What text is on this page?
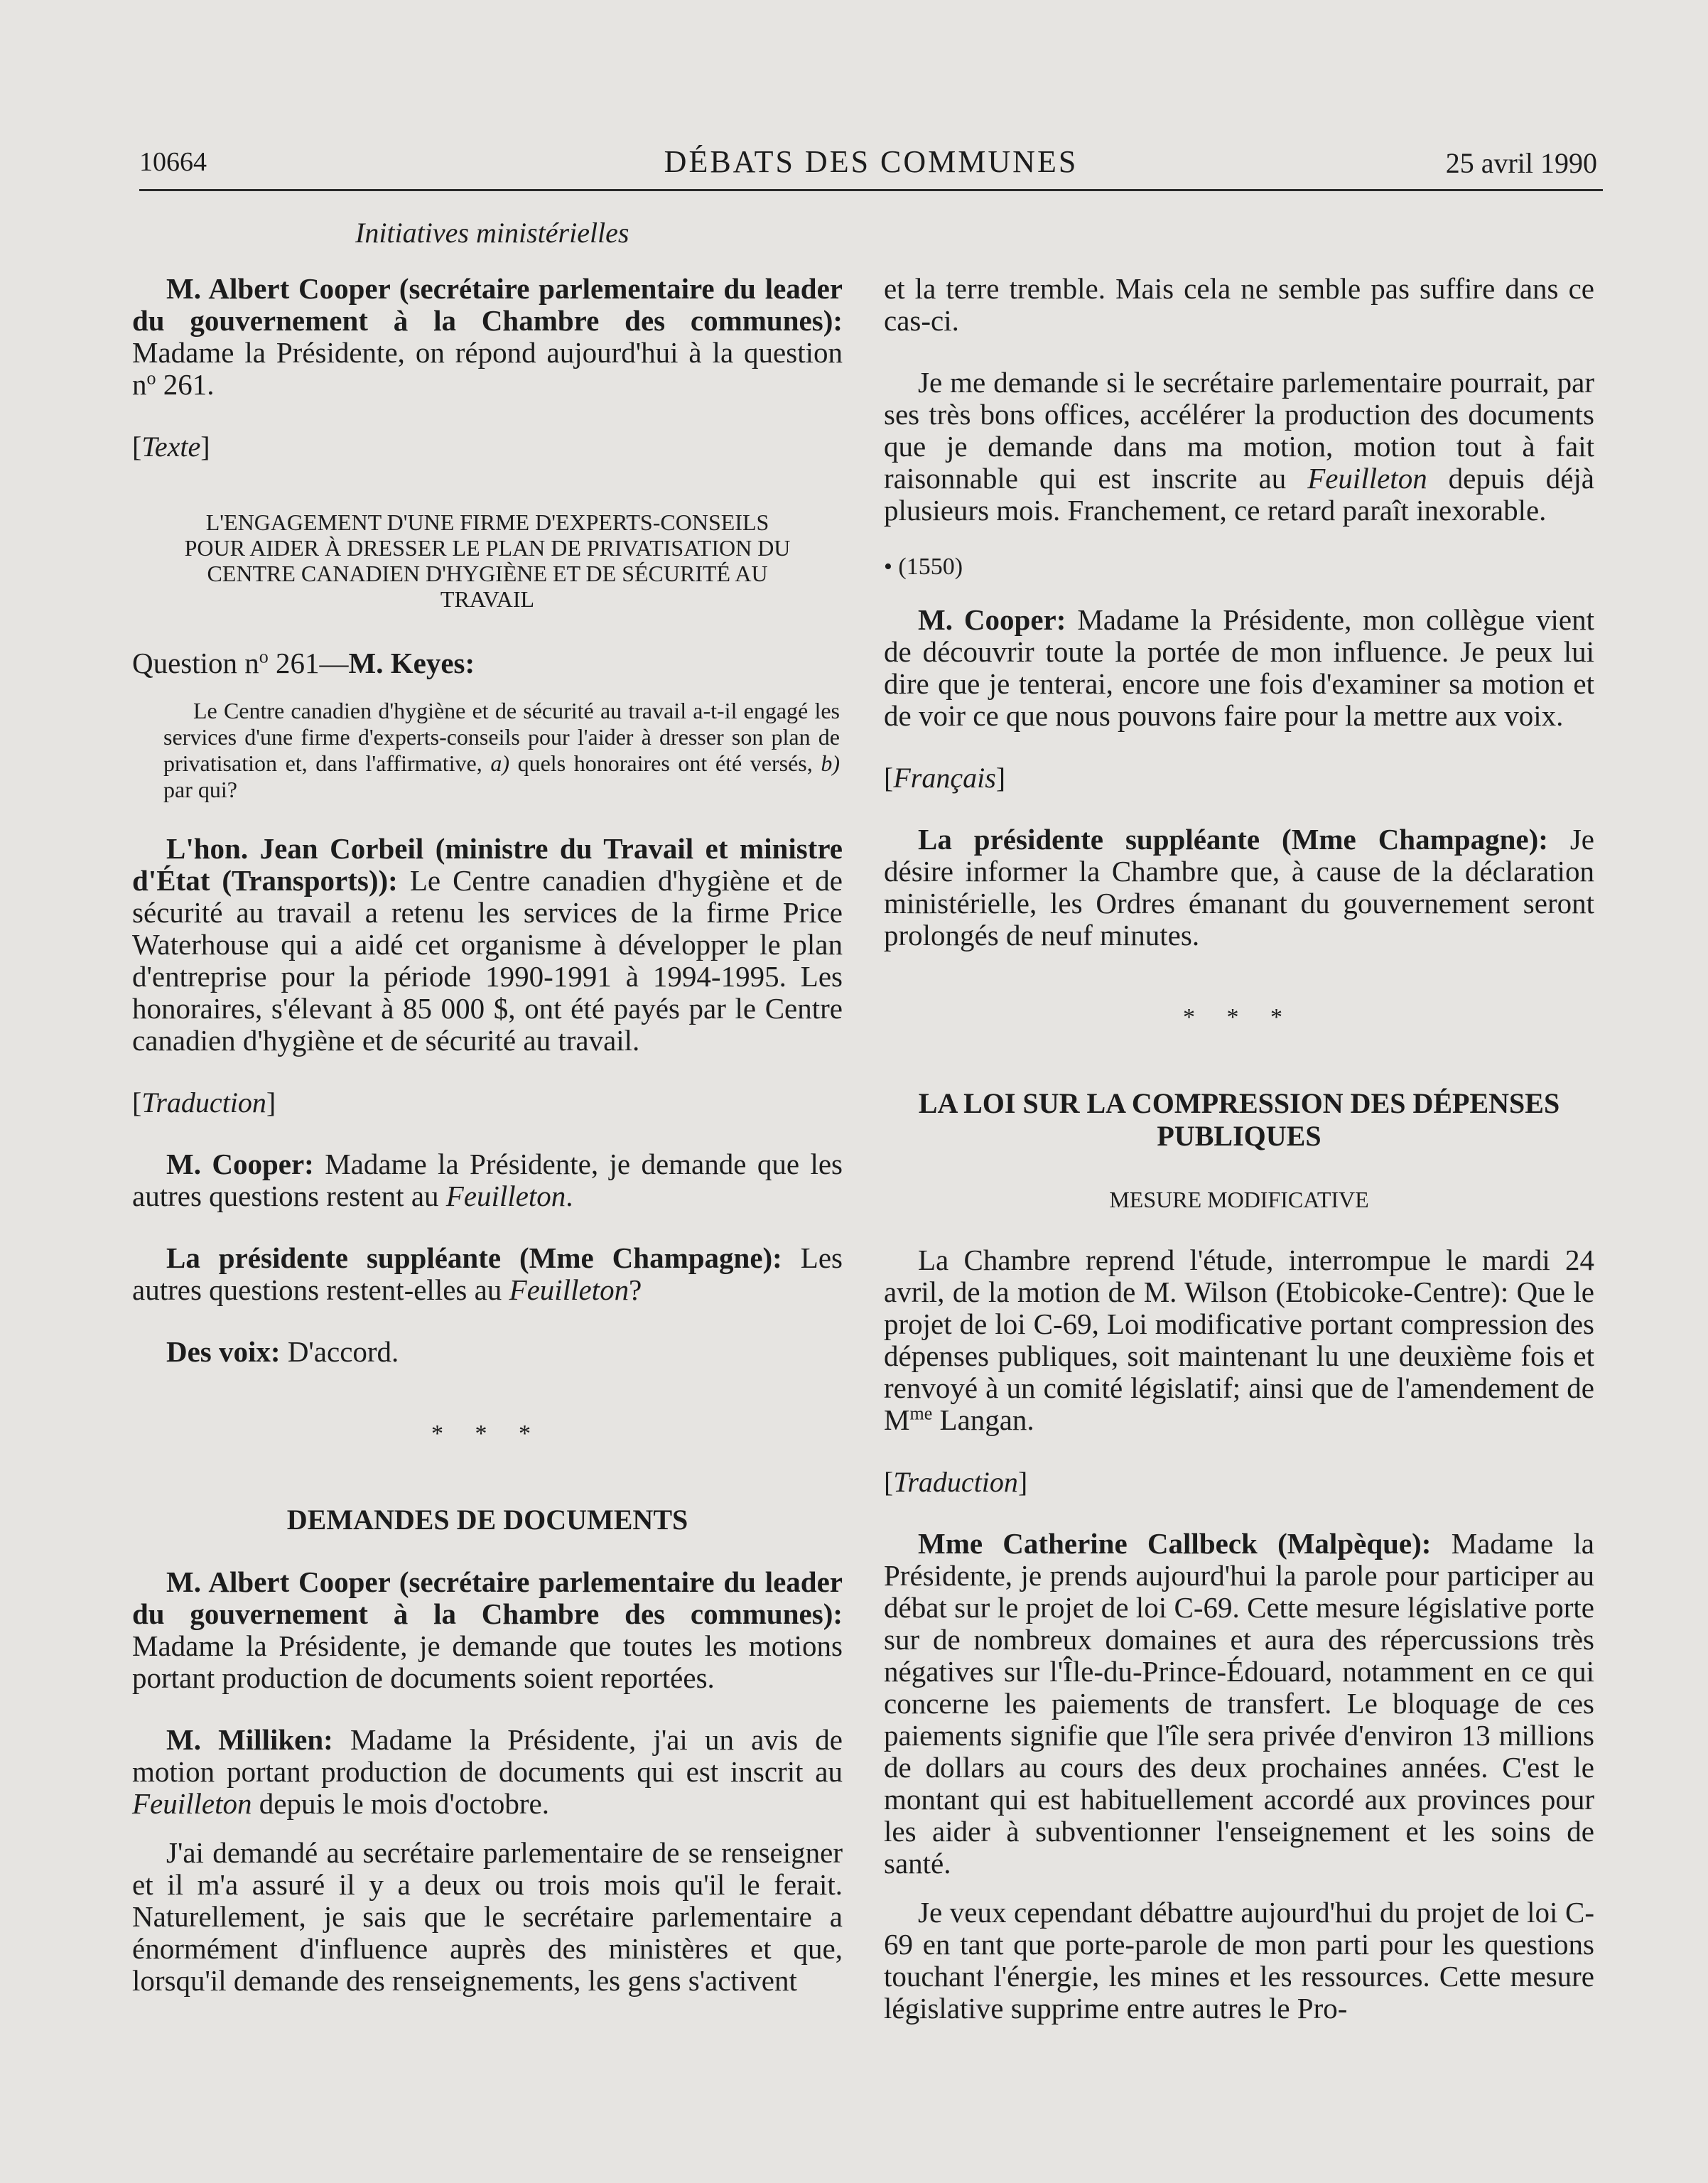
10664	DÉBATS DES COMMUNES	25 avril 1990
Initiatives ministérielles

M. Albert Cooper (secrétaire parlementaire du leader du gouvernement à la Chambre des communes): Madame la Présidente, on répond aujourd'hui à la question $n^o$ 261.

[Texte]

L'ENGAGEMENT D'UNE FIRME D'EXPERTS-CONSEILS

POUR AIDER À DRESSER LE PLAN DE PRIVATISATION DU

CENTRE CANADIEN D'HYGIÈNE ET DE SÉCURITÉ AU

TRAVAIL

Question $n^o$ 261—M. Keyes:

Le Centre canadien d'hygiène et de sécurité au travail a-t-il engagé les services d'une firme d'experts-conseils pour l'aider à dresser son plan de privatisation et, dans l'affirmative, a) quels honoraires ont été versés, b) par qui?

L'hon. Jean Corbeil (ministre du Travail et ministre d'État (Transports)): Le Centre canadien d'hygiène et de sécurité au travail a retenu les services de la firme Price Waterhouse qui a aidé cet organisme à développer le plan d'entreprise pour la période 1990-1991 à 1994-1995. Les honoraires, s'élevant à 85 000 $, ont été payés par le Centre canadien d'hygiène et de sécurité au travail.

[Traduction]

M. Cooper: Madame la Présidente, je demande que les autres questions restent au Feuilleton.

La présidente suppléante (Mme Champagne): Les autres questions restent-elles au Feuilleton?

Des voix: D'accord.

* * *

DEMANDES DE DOCUMENTS

M. Albert Cooper (secrétaire parlementaire du leader du gouvernement à la Chambre des communes): Madame la Présidente, je demande que toutes les motions portant production de documents soient reportées.

M. Milliken: Madame la Présidente, j'ai un avis de motion portant production de documents qui est inscrit au Feuilleton depuis le mois d'octobre.

J'ai demandé au secrétaire parlementaire de se renseigner et il m'a assuré il y a deux ou trois mois qu'il le ferait. Naturellement, je sais que le secrétaire parlementaire a énormément d'influence auprès des ministères et que, lorsqu'il demande des renseignements, les gens s'activent

et la terre tremble. Mais cela ne semble pas suffire dans ce cas-ci.

Je me demande si le secrétaire parlementaire pourrait, par ses très bons offices, accélérer la production des documents que je demande dans ma motion, motion tout à fait raisonnable qui est inscrite au Feuilleton depuis déjà plusieurs mois. Franchement, ce retard paraît inexorable.

• (1550)

M. Cooper: Madame la Présidente, mon collègue vient de découvrir toute la portée de mon influence. Je peux lui dire que je tenterai, encore une fois d'examiner sa motion et de voir ce que nous pouvons faire pour la mettre aux voix.

[Français]

La présidente suppléante (Mme Champagne): Je désire informer la Chambre que, à cause de la déclaration ministérielle, les Ordres émanant du gouvernement seront prolongés de neuf minutes.

* * *

LA LOI SUR LA COMPRESSION DES DÉPENSES

PUBLIQUES

MESURE MODIFICATIVE

La Chambre reprend l'étude, interrompue le mardi 24 avril, de la motion de M. Wilson (Etobicoke-Centre): Que le projet de loi C-69, Loi modificative portant compression des dépenses publiques, soit maintenant lu une deuxième fois et renvoyé à un comité législatif; ainsi que de l'amendement de $M^{me}$ Langan.

[Traduction]

Mme Catherine Callbeck (Malpèque): Madame la Présidente, je prends aujourd'hui la parole pour participer au débat sur le projet de loi C-69. Cette mesure législative porte sur de nombreux domaines et aura des répercussions très négatives sur l'Île-du-Prince-Édouard, notamment en ce qui concerne les paiements de transfert. Le bloquage de ces paiements signifie que l'île sera privée d'environ 13 millions de dollars au cours des deux prochaines années. C'est le montant qui est habituellement accordé aux provinces pour les aider à subventionner l'enseignement et les soins de santé.

Je veux cependant débattre aujourd'hui du projet de loi C-69 en tant que porte-parole de mon parti pour les questions touchant l'énergie, les mines et les ressources. Cette mesure législative supprime entre autres le Pro-
